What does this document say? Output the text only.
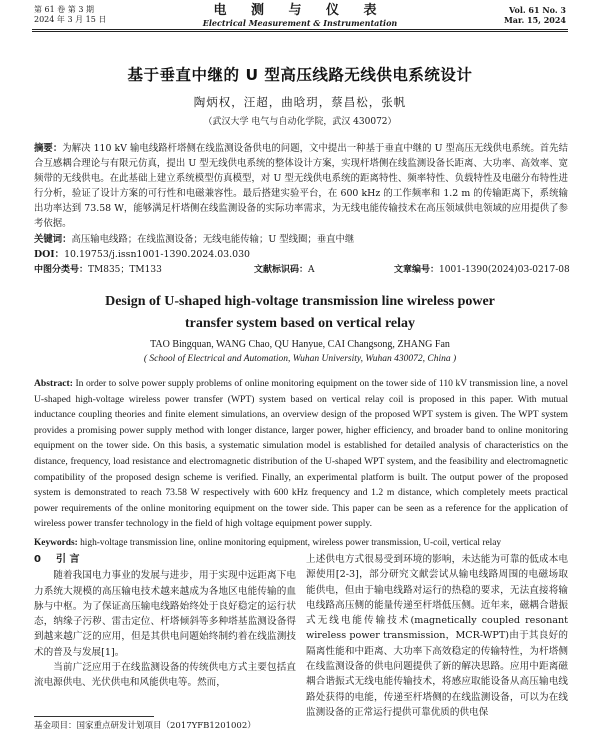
第 61 卷 第 3 期
2024 年 3 月 15 日
电 测 与 仪 表
Electrical Measurement & Instrumentation
Vol. 61 No. 3
Mar. 15, 2024
基于垂直中继的 U 型高压线路无线供电系统设计
陶炳权，汪超，曲晗玥，蔡昌松，张帆
（武汉大学 电气与自动化学院，武汉 430072）
摘要：为解决 110 kV 输电线路杆塔侧在线监测设备供电的问题，文中提出一种基于垂直中继的 U 型高压无线供电系统。首先结合互感耦合理论与有限元仿真，提出 U 型无线供电系统的整体设计方案，实现杆塔侧在线监测设备长距离、大功率、高效率、宽频带的无线供电。在此基础上建立系统模型仿真模型，对 U 型无线供电系统的距离特性、频率特性、负载特性及电磁分布特性进行分析，验证了设计方案的可行性和电磁兼容性。最后搭建实验平台，在 600 kHz 的工作频率和 1.2 m 的传输距离下，系统输出功率达到 73.58 W，能够满足杆塔侧在线监测设备的实际功率需求，为无线电能传输技术在高压领域供电领域的应用提供了参考依据。
关键词：高压输电线路；在线监测设备；无线电能传输；U 型线圈；垂直中继
DOI：10.19753/j.issn1001-1390.2024.03.030
中图分类号：TM835；TM133	文献标识码：A	文章编号：1001-1390(2024)03-0217-08
Design of U-shaped high-voltage transmission line wireless power
transfer system based on vertical relay
TAO Bingquan, WANG Chao, QU Hanyue, CAI Changsong, ZHANG Fan
( School of Electrical and Automation, Wuhan University, Wuhan 430072, China )
Abstract: In order to solve power supply problems of online monitoring equipment on the tower side of 110 kV transmission line, a novel U-shaped high-voltage wireless power transfer (WPT) system based on vertical relay coil is proposed in this paper. With mutual inductance coupling theories and finite element simulations, an overview design of the proposed WPT system is given. The WPT system provides a promising power supply method with longer distance, larger power, higher efficiency, and broader band to online monitoring equipment on the tower side. On this basis, a systematic simulation model is established for detailed analysis of characteristics on the distance, frequency, load resistance and electromagnetic distribution of the U-shaped WPT system, and the feasibility and electromagnetic compatibility of the proposed design scheme is verified. Finally, an experimental platform is built. The output power of the proposed system is demonstrated to reach 73.58 W respectively with 600 kHz frequency and 1.2 m distance, which completely meets practical power requirements of the online monitoring equipment on the tower side. This paper can be seen as a reference for the application of wireless power transfer technology in the field of high voltage equipment power supply.
Keywords: high-voltage transmission line, online monitoring equipment, wireless power transmission, U-coil, vertical relay
0 引 言

随着我国电力事业的发展与进步，用于实现中远距离下电力系统大规模的高压输电技术越来越成为各地区电能传输的血脉与中枢。为了保证高压输电线路始终处于良好稳定的运行状态，纳缘子污秽、雷击定位、杆塔倾斜等多种塔基监测设备得到越来越广泛的应用，但是其供电问题始终制约着在线监测技术的普及与发展[1]。

当前广泛应用于在线监测设备的传统供电方式主要包括直流电源供电、光伏供电和风能供电等。然而，

上述供电方式很易受到环境的影响，未达能为可靠的低成本电源使用[2-3]，部分研究文献尝试从输电线路周围的电磁场取能供电，但由于输电线路对运行的热稳的要求，无法直接将输电线路高压侧的能量传递至杆塔低压侧。近年来，磁耦合谐振式无线电能传输技术(magnetically coupled resonant wireless power transmission，MCR-WPT)由于其良好的隔离性能和中距离、大功率下高效稳定的传输特性，为杆塔侧在线监测设备的供电问题提供了新的解决思路。应用中距离磁耦合谐振式无线电能传输技术，将感应取能设备从高压输电线路处获得的电能，传递至杆塔侧的在线监测设备，可以为在线监测设备的正常运行提供可靠优质的供电保

基金项目：国家重点研发计划项目（2017YFB1201002）
